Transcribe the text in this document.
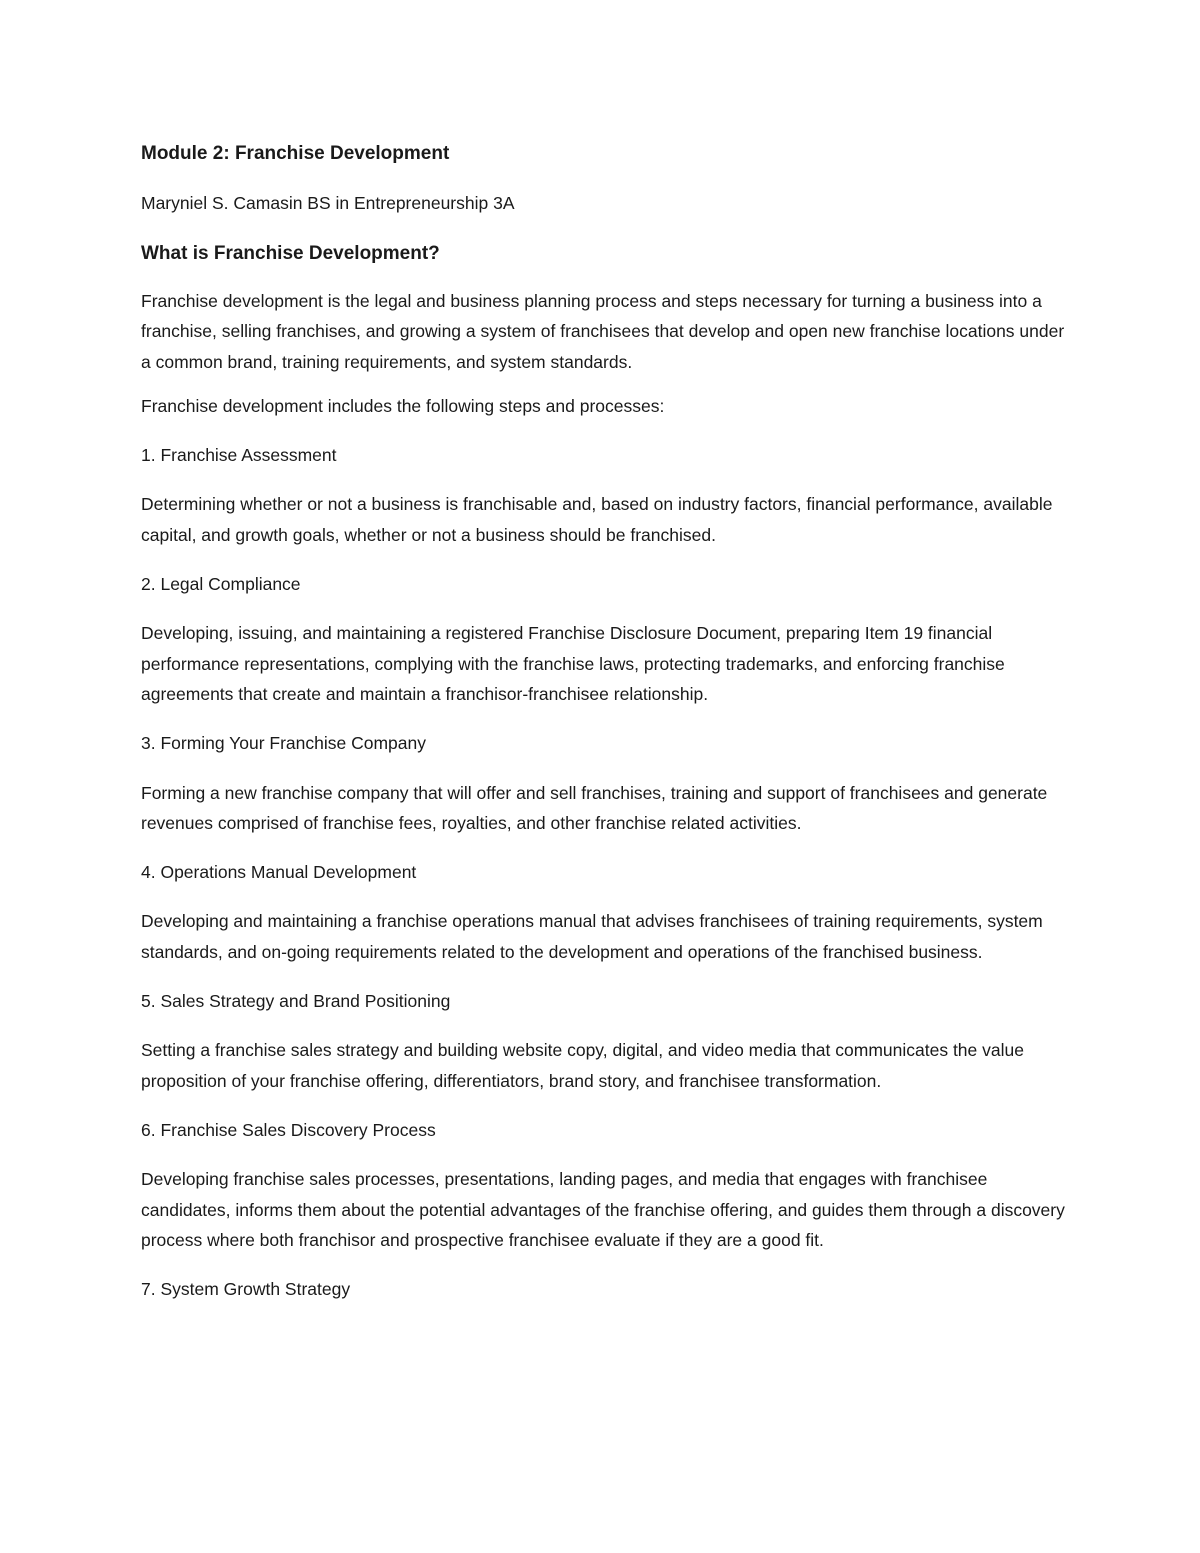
Module 2: Franchise Development

Maryniel S. Camasin BS in Entrepreneurship 3A

What is Franchise Development?

Franchise development is the legal and business planning process and steps necessary for turning a business into a franchise, selling franchises, and growing a system of franchisees that develop and open new franchise locations under a common brand, training requirements, and system standards.

Franchise development includes the following steps and processes:

1. Franchise Assessment

Determining whether or not a business is franchisable and, based on industry factors, financial performance, available capital, and growth goals, whether or not a business should be franchised.

2. Legal Compliance

Developing, issuing, and maintaining a registered Franchise Disclosure Document, preparing Item 19 financial performance representations, complying with the franchise laws, protecting trademarks, and enforcing franchise agreements that create and maintain a franchisor-franchisee relationship.

3. Forming Your Franchise Company

Forming a new franchise company that will offer and sell franchises, training and support of franchisees and generate revenues comprised of franchise fees, royalties, and other franchise related activities.

4. Operations Manual Development

Developing and maintaining a franchise operations manual that advises franchisees of training requirements, system standards, and on-going requirements related to the development and operations of the franchised business.

5. Sales Strategy and Brand Positioning

Setting a franchise sales strategy and building website copy, digital, and video media that communicates the value proposition of your franchise offering, differentiators, brand story, and franchisee transformation.

6. Franchise Sales Discovery Process

Developing franchise sales processes, presentations, landing pages, and media that engages with franchisee candidates, informs them about the potential advantages of the franchise offering, and guides them through a discovery process where both franchisor and prospective franchisee evaluate if they are a good fit.

7. System Growth Strategy
